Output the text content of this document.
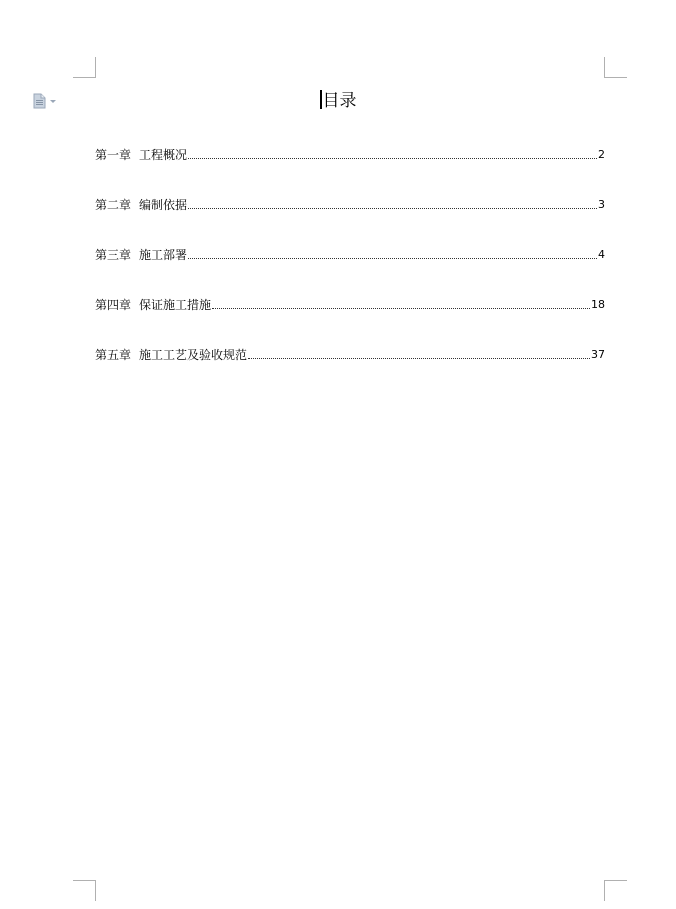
目录
第一章 工程概况	2
第二章 编制依据	3
第三章 施工部署	4
第四章 保证施工措施	18
第五章 施工工艺及验收规范	37
